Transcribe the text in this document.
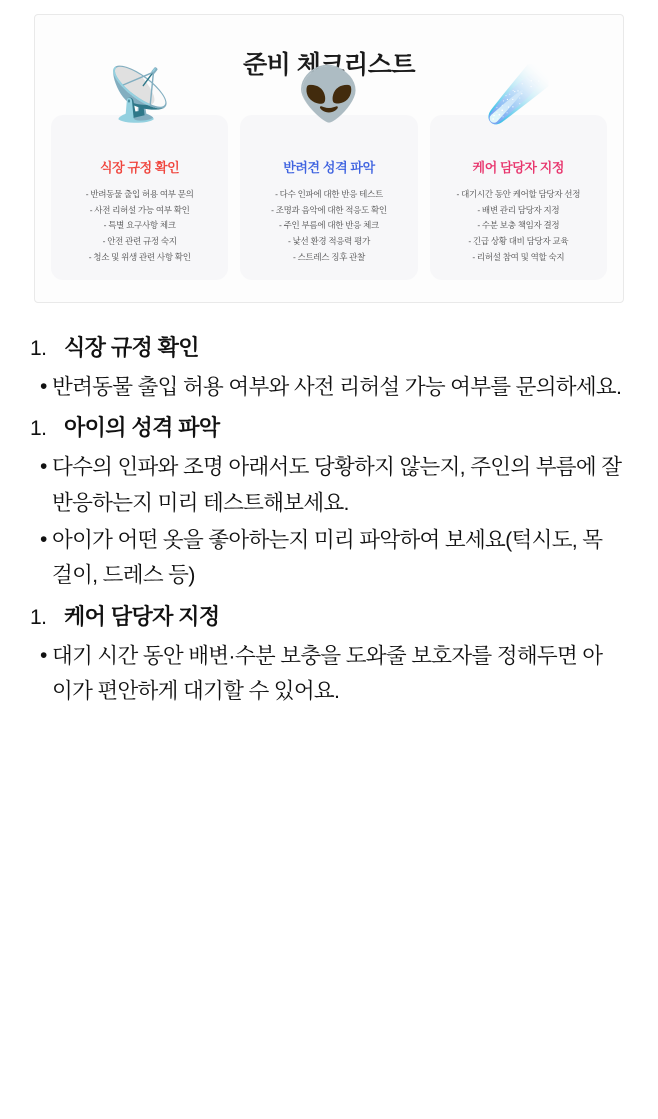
준비 체크리스트
📡
식장 규정 확인
- 반려동물 출입 허용 여부 문의
- 사전 리허설 가능 여부 확인
- 특별 요구사항 체크
- 안전 관련 규정 숙지
- 청소 및 위생 관련 사항 확인
👽
반려견 성격 파악
- 다수 인파에 대한 반응 테스트
- 조명과 음악에 대한 적응도 확인
- 주인 부름에 대한 반응 체크
- 낯선 환경 적응력 평가
- 스트레스 징후 관찰
☄️
케어 담당자 지정
- 대기시간 동안 케어할 담당자 선정
- 배변 관리 담당자 지정
- 수분 보충 책임자 결정
- 긴급 상황 대비 담당자 교육
- 리허설 참여 및 역할 숙지
1. 식장 규정 확인
• 반려동물 출입 허용 여부와 사전 리허설 가능 여부를 문의하세요.
1. 아이의 성격 파악
• 다수의 인파와 조명 아래서도 당황하지 않는지, 주인의 부름에 잘 반응하는지 미리 테스트해보세요.
• 아이가 어떤 옷을 좋아하는지 미리 파악하여 보세요(턱시도, 목걸이, 드레스 등)
1. 케어 담당자 지정
• 대기 시간 동안 배변·수분 보충을 도와줄 보호자를 정해두면 아이가 편안하게 대기할 수 있어요.
